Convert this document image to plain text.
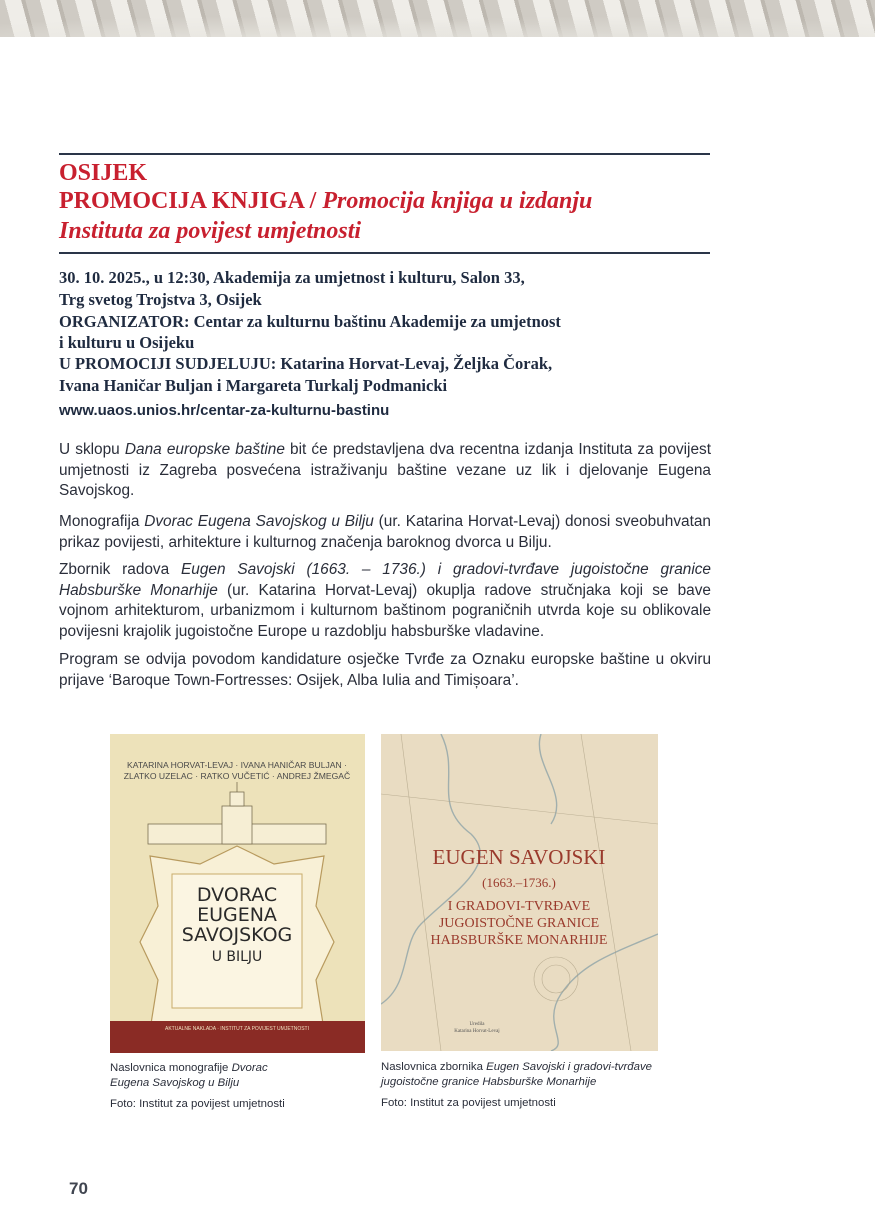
OSIJEK
PROMOCIJA KNJIGA / Promocija knjiga u izdanju
Instituta za povijest umjetnosti
30. 10. 2025., u 12:30, Akademija za umjetnost i kulturu, Salon 33,
Trg svetog Trojstva 3, Osijek
ORGANIZATOR: Centar za kulturnu baštinu Akademije za umjetnost
i kulturu u Osijeku
U PROMOCIJI SUDJELUJU: Katarina Horvat-Levaj, Željka Čorak,
Ivana Haničar Buljan i Margareta Turkalj Podmanicki
www.uaos.unios.hr/centar-za-kulturnu-bastinu

U sklopu Dana europske baštine bit će predstavljena dva recentna izdanja Instituta za povijest umjetnosti iz Zagreba posvećena istraživanju baštine vezane uz lik i djelovanje Eugena Savojskog.

Monografija Dvorac Eugena Savojskog u Bilju (ur. Katarina Horvat-Levaj) donosi sveobuhvatan prikaz povijesti, arhitekture i kulturnog značenja baroknog dvorca u Bilju.

Zbornik radova Eugen Savojski (1663. – 1736.) i gradovi-tvrđave jugoistočne granice Habsburške Monarhije (ur. Katarina Horvat-Levaj) okuplja radove stručnjaka koji se bave vojnom arhitekturom, urbanizmom i kulturnom baštinom pograničnih utvrda koje su oblikovale povijesni krajolik jugoistočne Europe u razdoblju habsburške vladavine.

Program se odvija povodom kandidature osječke Tvrđe za Oznaku europske baštine u okviru prijave ‘Baroque Town-Fortresses: Osijek, Alba Iulia and Timișoara’.

KATARINA HORVAT-LEVAJ · IVANA HANIČAR BULJAN ·
ZLATKO UZELAC · RATKO VUČETIĆ · ANDREJ ŽMEGAČ
DVORAC
EUGENA
SAVOJSKOG
U BILJU
AKTUALNE NAKLADA · INSTITUT ZA POVIJEST UMJETNOSTI
EUGEN SAVOJSKI
(1663.–1736.)
I GRADOVI-TVRĐAVE
JUGOISTOČNE GRANICE
HABSBURŠKE MONARHIJE
Uredila
Katarina Horvat-Levaj
Naslovnica monografije Dvorac
Eugena Savojskog u Bilju
Foto: Institut za povijest umjetnosti
Naslovnica zbornika Eugen Savojski i gradovi-tvrđave
jugoistočne granice Habsburške Monarhije
Foto: Institut za povijest umjetnosti
70
